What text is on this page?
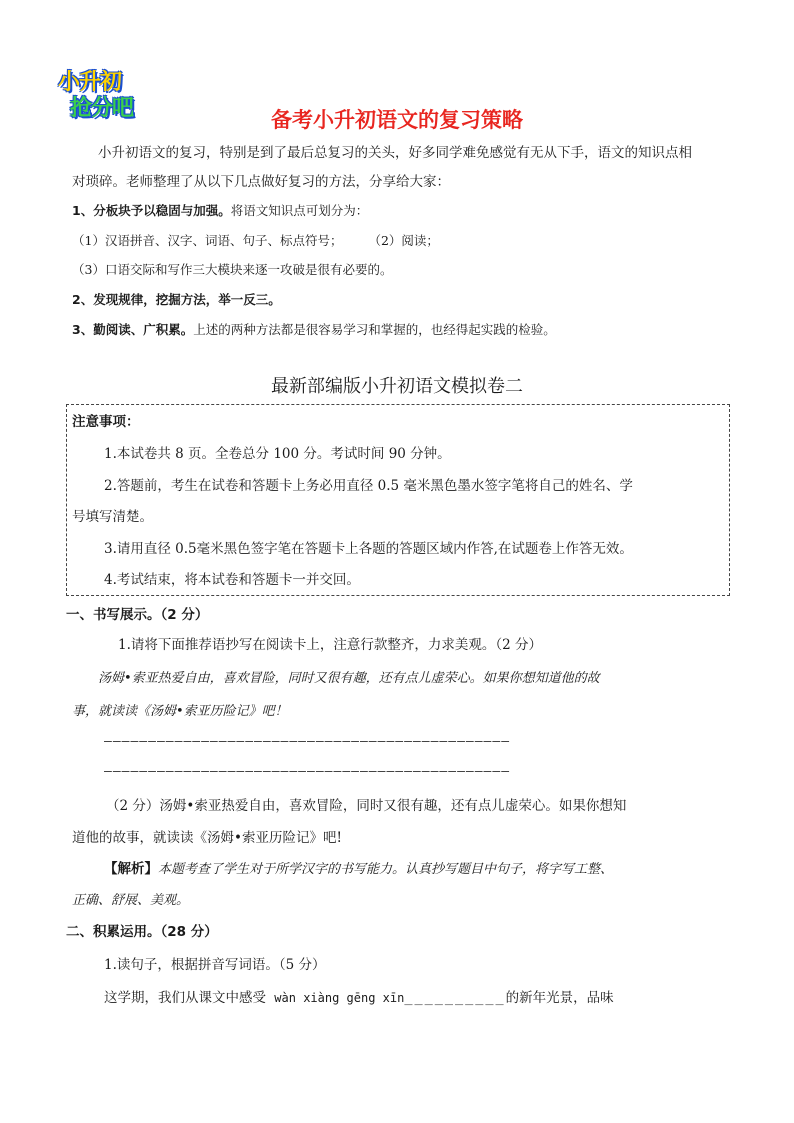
小升初
抢分吧	备考小升初语文的复习策略
小升初语文的复习，特别是到了最后总复习的关头，好多同学难免感觉有无从下手，语文的知识点相
对琐碎。老师整理了从以下几点做好复习的方法，分享给大家：
1、分板块予以稳固与加强。将语文知识点可划分为：
（1）汉语拼音、汉字、词语、句子、标点符号； （2）阅读；
（3）口语交际和写作三大模块来逐一攻破是很有必要的。
2、发现规律，挖掘方法，举一反三。
3、勤阅读、广积累。上述的两种方法都是很容易学习和掌握的，也经得起实践的检验。
最新部编版小升初语文模拟卷二
注意事项：
1.本试卷共 8 页。全卷总分 100 分。考试时间 90 分钟。
2.答题前，考生在试卷和答题卡上务必用直径 0.5 毫米黑色墨水签字笔将自己的姓名、学
号填写清楚。
3.请用直径 0.5毫米黑色签字笔在答题卡上各题的答题区域内作答,在试题卷上作答无效。
4.考试结束，将本试卷和答题卡一并交回。
一、书写展示。（2 分）
1.请将下面推荐语抄写在阅读卡上，注意行款整齐，力求美观。（2 分）
汤姆•索亚热爱自由，喜欢冒险，同时又很有趣，还有点儿虚荣心。如果你想知道他的故
事，就读读《汤姆•索亚历险记》吧！
——————————————————————————————————————————————
——————————————————————————————————————————————
（2 分）汤姆•索亚热爱自由，喜欢冒险，同时又很有趣，还有点儿虚荣心。如果你想知
道他的故事，就读读《汤姆•索亚历险记》吧!
【解析】本题考查了学生对于所学汉字的书写能力。认真抄写题目中句子，将字写工整、
正确、舒展、美观。
二、积累运用。（28 分）
1.读句子，根据拼音写词语。（5 分）
这学期，我们从课文中感受 wàn xiàng gēng xīn__________的新年光景，品味
